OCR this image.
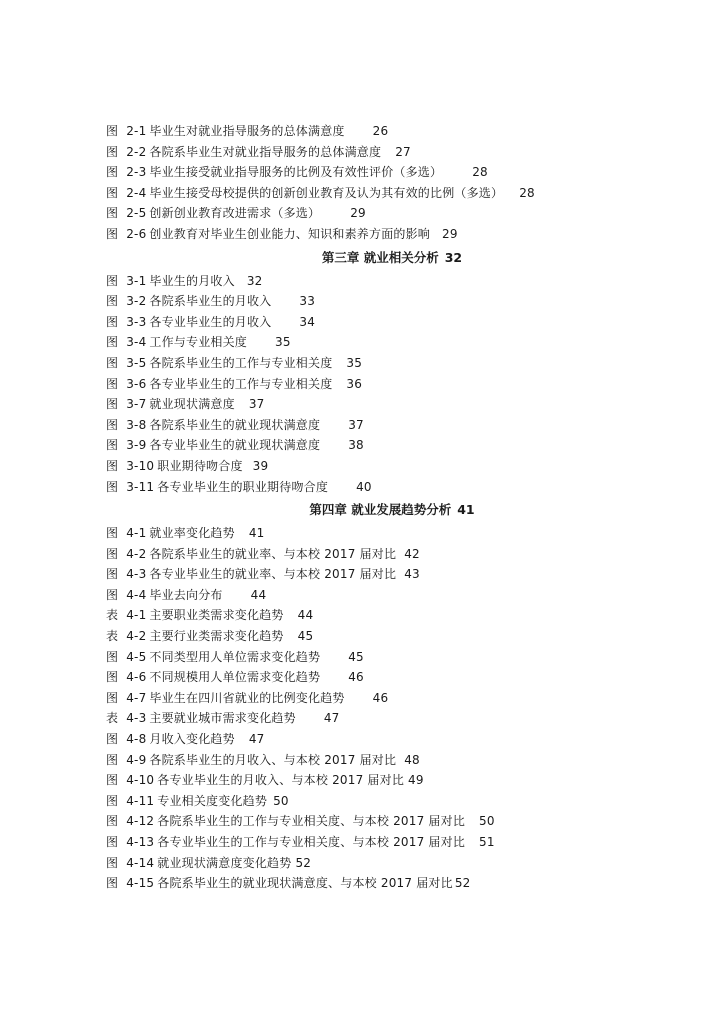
图 2-1 毕业生对就业指导服务的总体满意度 26
图 2-2 各院系毕业生对就业指导服务的总体满意度 27
图 2-3 毕业生接受就业指导服务的比例及有效性评价（多选）	28
图 2-4 毕业生接受母校提供的创新创业教育及认为其有效的比例（多选） 28
图 2-5 创新创业教育改进需求（多选）	29
图 2-6 创业教育对毕业生创业能力、知识和素养方面的影响 29
第三章 就业相关分析 32
图 3-1 毕业生的月收入 32
图 3-2 各院系毕业生的月收入 33
图 3-3 各专业毕业生的月收入 34
图 3-4 工作与专业相关度 35
图 3-5 各院系毕业生的工作与专业相关度 35
图 3-6 各专业毕业生的工作与专业相关度 36
图 3-7 就业现状满意度 37
图 3-8 各院系毕业生的就业现状满意度 37
图 3-9 各专业毕业生的就业现状满意度 38
图 3-10 职业期待吻合度 39
图 3-11 各专业毕业生的职业期待吻合度 40
第四章 就业发展趋势分析 41
图 4-1 就业率变化趋势 41
图 4-2 各院系毕业生的就业率、与本校 2017 届对比 42
图 4-3 各专业毕业生的就业率、与本校 2017 届对比 43
图 4-4 毕业去向分布 44
表 4-1 主要职业类需求变化趋势 44
表 4-2 主要行业类需求变化趋势 45
图 4-5 不同类型用人单位需求变化趋势 45
图 4-6 不同规模用人单位需求变化趋势 46
图 4-7 毕业生在四川省就业的比例变化趋势 46
表 4-3 主要就业城市需求变化趋势 47
图 4-8 月收入变化趋势 47
图 4-9 各院系毕业生的月收入、与本校 2017 届对比 48
图 4-10 各专业毕业生的月收入、与本校 2017 届对比 49
图 4-11 专业相关度变化趋势 50
图 4-12 各院系毕业生的工作与专业相关度、与本校 2017 届对比 50
图 4-13 各专业毕业生的工作与专业相关度、与本校 2017 届对比 51
图 4-14 就业现状满意度变化趋势 52
图 4-15 各院系毕业生的就业现状满意度、与本校 2017 届对比 52
